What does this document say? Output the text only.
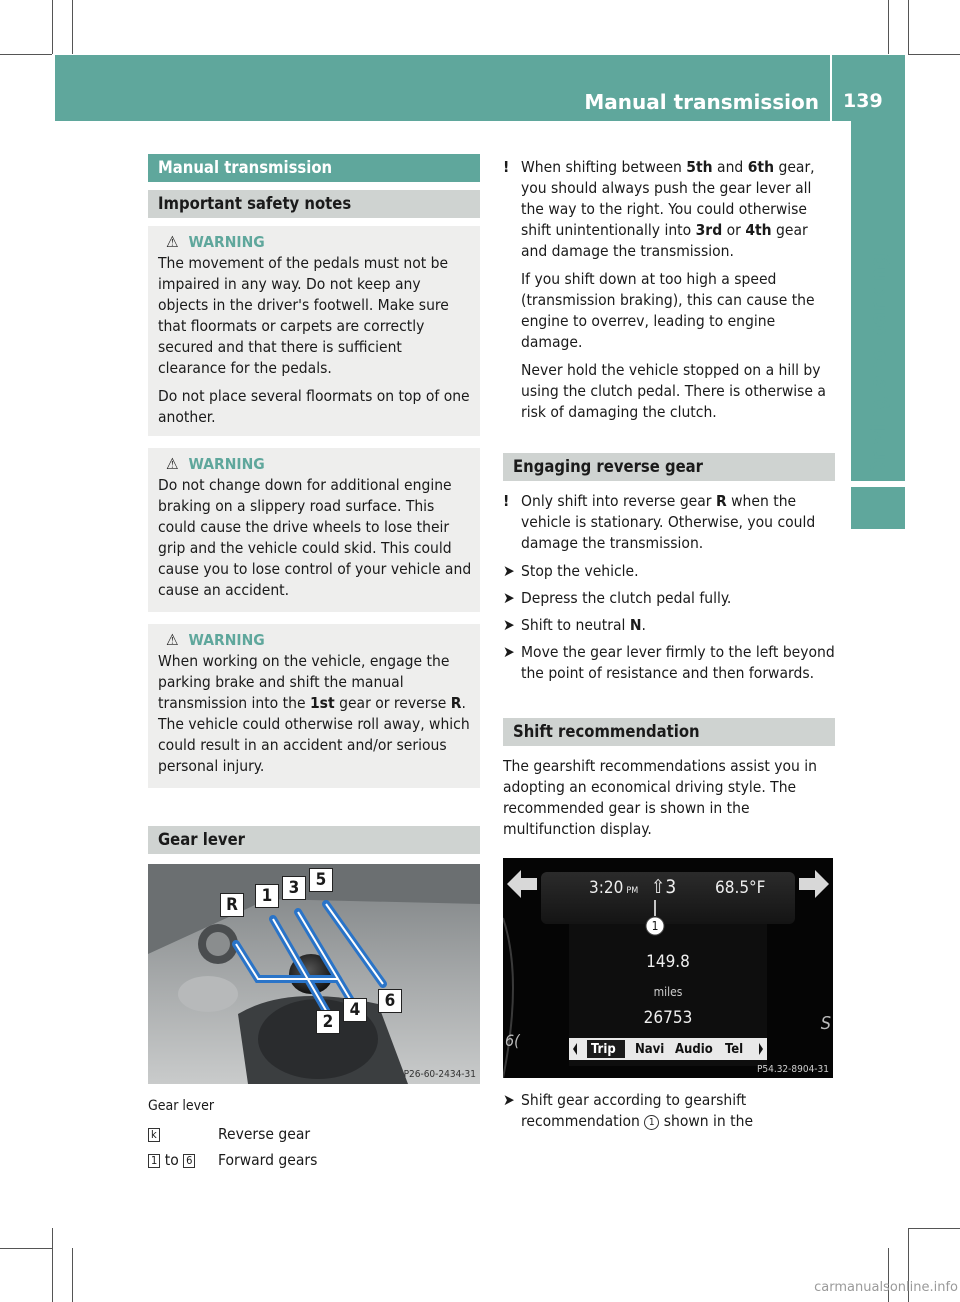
Manual transmission 139
Driving and parking
Manual transmission
Important safety notes
⚠ WARNING

The movement of the pedals must not be impaired in any way. Do not keep any objects in the driver's footwell. Make sure that floormats or carpets are correctly secured and that there is sufficient clearance for the pedals.

Do not place several floormats on top of one another.

⚠ WARNING

Do not change down for additional engine braking on a slippery road surface. This could cause the drive wheels to lose their grip and the vehicle could skid. This could cause you to lose control of your vehicle and cause an accident.

⚠ WARNING

When working on the vehicle, engage the parking brake and shift the manual transmission into the 1st gear or reverse R. The vehicle could otherwise roll away, which could result in an accident and/or serious personal injury.

Gear lever
R	1 3 5
2
4	6
P26-60-2434-31
Gear lever
k	Reverse gear
1 to 6	Forward gears
! When shifting between 5th and 6th gear, you should always push the gear lever all the way to the right. You could otherwise shift unintentionally into 3rd or 4th gear and damage the transmission.

If you shift down at too high a speed (transmission braking), this can cause the engine to overrev, leading to engine damage.

Never hold the vehicle stopped on a hill by using the clutch pedal. There is otherwise a risk of damaging the clutch.

Engaging reverse gear
! Only shift into reverse gear R when the vehicle is stationary. Otherwise, you could damage the transmission.

➤ Stop the vehicle.
➤ Depress the clutch pedal fully.
➤ Shift to neutral N.
➤ Move the gear lever firmly to the left beyond the point of resistance and then forwards.
Shift recommendation

The gearshift recommendations assist you in adopting an economical driving style. The recommended gear is shown in the multifunction display.

3:20 PM ⇧3 68.5°F
1
149.8
miles
26753
Trip Navi Audio Tel
6(
S
P54.32-8904-31
➤ Shift gear according to gearshift recommendation 1 shown in the
carmanualsonline.info
